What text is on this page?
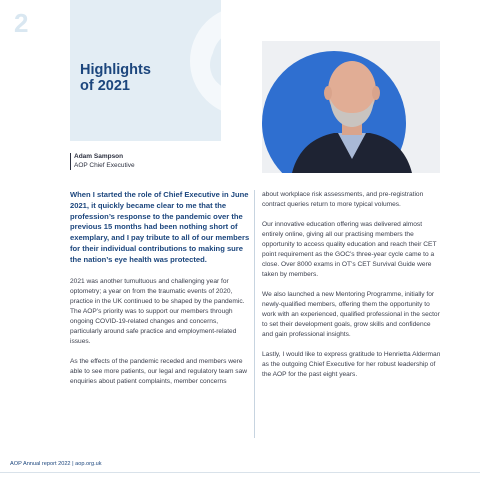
2
Highlights
of 2021
Adam Sampson
AOP Chief Executive

When I started the role of Chief Executive in June 2021, it quickly became clear to me that the profession’s response to the pandemic over the previous 15 months had been nothing short of exemplary, and I pay tribute to all of our members for their individual contributions to making sure the nation’s eye health was protected.

2021 was another tumultuous and challenging year for optometry; a year on from the traumatic events of 2020, practice in the UK continued to be shaped by the pandemic. The AOP’s priority was to support our members through ongoing COVID-19-related changes and concerns, particularly around safe practice and employment-related issues.

As the effects of the pandemic receded and members were able to see more patients, our legal and regulatory team saw enquiries about patient complaints, member concerns

about workplace risk assessments, and pre-registration contract queries return to more typical volumes.

Our innovative education offering was delivered almost entirely online, giving all our practising members the opportunity to access quality education and reach their CET point requirement as the GOC’s three-year cycle came to a close. Over 8000 exams in OT’s CET Survival Guide were taken by members.

We also launched a new Mentoring Programme, initially for newly-qualified members, offering them the opportunity to work with an experienced, qualified professional in the sector to set their development goals, grow skills and confidence and gain professional insights.

Lastly, I would like to express gratitude to Henrietta Alderman as the outgoing Chief Executive for her robust leadership of the AOP for the past eight years.

AOP Annual report 2022 | aop.org.uk
